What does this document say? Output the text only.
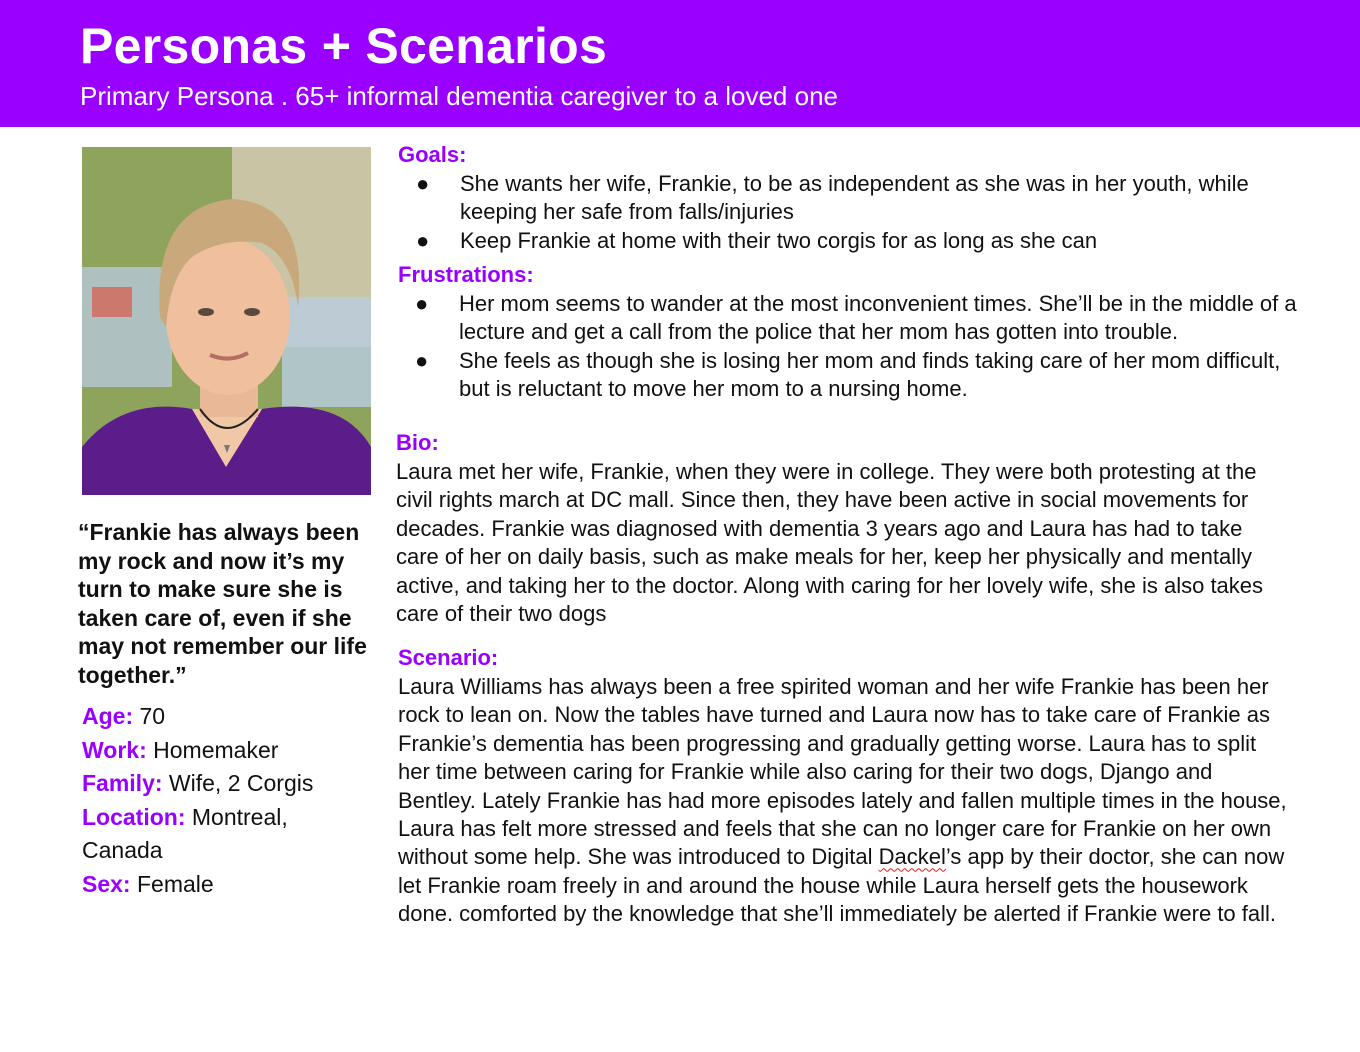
Personas + Scenarios
Primary Persona . 65+ informal dementia caregiver to a loved one
“Frankie has always been my rock and now it’s my turn to make sure she is taken care of, even if she may not remember our life together.”
Age: 70
Work: Homemaker
Family: Wife, 2 Corgis
Location: Montreal, Canada
Sex: Female
Goals:
● She wants her wife, Frankie, to be as independent as she was in her youth, while keeping her safe from falls/injuries
● Keep Frankie at home with their two corgis for as long as she can
Frustrations:
● Her mom seems to wander at the most inconvenient times. She’ll be in the middle of a lecture and get a call from the police that her mom has gotten into trouble.
● She feels as though she is losing her mom and finds taking care of her mom difficult, but is reluctant to move her mom to a nursing home.
Bio:

Laura met her wife, Frankie, when they were in college. They were both protesting at the civil rights march at DC mall. Since then, they have been active in social movements for decades. Frankie was diagnosed with dementia 3 years ago and Laura has had to take care of her on daily basis, such as make meals for her, keep her physically and mentally active, and taking her to the doctor. Along with caring for her lovely wife, she is also takes care of their two dogs

Scenario:

Laura Williams has always been a free spirited woman and her wife Frankie has been her rock to lean on. Now the tables have turned and Laura now has to take care of Frankie as Frankie’s dementia has been progressing and gradually getting worse. Laura has to split her time between caring for Frankie while also caring for their two dogs, Django and Bentley. Lately Frankie has had more episodes lately and fallen multiple times in the house, Laura has felt more stressed and feels that she can no longer care for Frankie on her own without some help. She was introduced to Digital Dackel’s app by their doctor, she can now let Frankie roam freely in and around the house while Laura herself gets the housework done. comforted by the knowledge that she’ll immediately be alerted if Frankie were to fall.
